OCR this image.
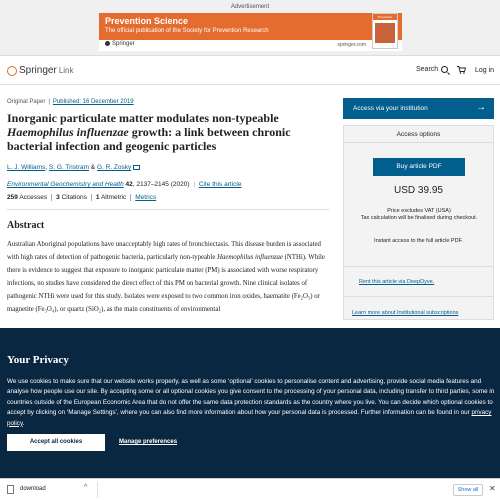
Advertisement
Prevention Science
The official publication of the Society for Prevention Research
Springer	springer.com
Prevention
Springer Link	Search	Log in
Original Paper | Published: 16 December 2019
Inorganic particulate matter modulates non-typeable Haemophilus influenzae growth: a link between chronic bacterial infection and geogenic particles
L. J. Williams, S. G. Tristram & G. R. Zosky
Environmental Geochemistry and Health 42, 2137–2145 (2020) | Cite this article
259 Accesses 3 Citations 1 Altmetric Metrics
Abstract

Australian Aboriginal populations have unacceptably high rates of bronchiectasis. This disease burden is associated with high rates of detection of pathogenic bacteria, particularly non-typeable Haemophilus influenzae (NTHi). While there is evidence to suggest that exposure to inorganic particulate matter (PM) is associated with worse respiratory infections, no studies have considered the direct effect of this PM on bacterial growth. Nine clinical isolates of pathogenic NTHi were used for this study. Isolates were exposed to two common iron oxides, haematite (Fe₂O₃) or magnetite (Fe₃O₄), or quartz (SiO₂), as the main constituents of environmental

Access via your institution	→
Access options
Buy article PDF
USD 39.95
Price excludes VAT (USA)
Tax calculation will be finalised during checkout.
Instant access to the full article PDF.
Rent this article via DeepDyve.
Learn more about Institutional subscriptions
Your Privacy

We use cookies to make sure that our website works properly, as well as some ‘optional’ cookies to personalise content and advertising, provide social media features and analyse how people use our site. By accepting some or all optional cookies you give consent to the processing of your personal data, including transfer to third parties, some in countries outside of the European Economic Area that do not offer the same data protection standards as the country where you live. You can decide which optional cookies to accept by clicking on ‘Manage Settings’, where you can also find more information about how your personal data is processed. Further information can be found in our privacy policy.

Accept all cookies	Manage preferences
download	^	Show all	✕
